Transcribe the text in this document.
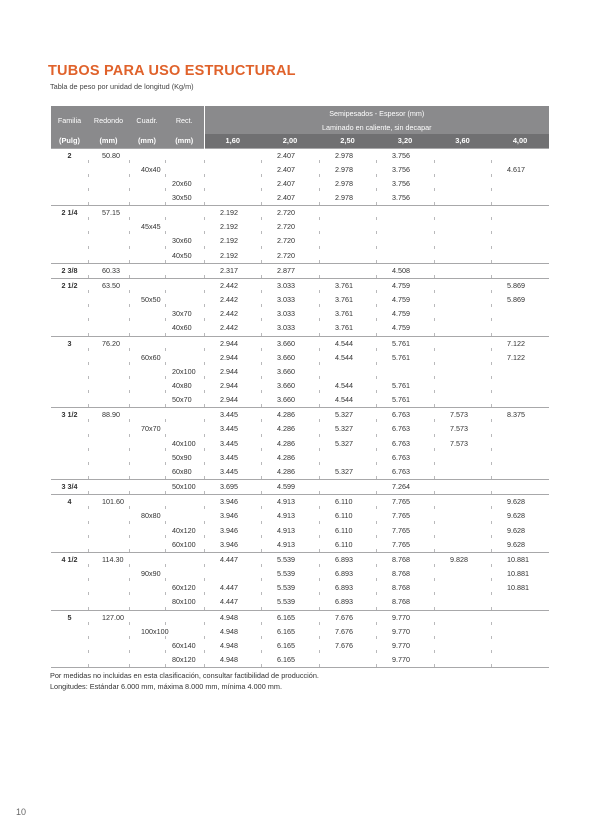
TUBOS PARA USO ESTRUCTURAL
Tabla de peso por unidad de longitud (Kg/m)
Familia	Redondo	Cuadr.	Rect.	Semipesados - Espesor (mm)					
				Laminado en caliente, sin decapar					
(Pulg)	(mm)	(mm)	(mm)	1,60	2,00	2,50	3,20	3,60	4,00
2	50.80				2.407	2.978	3.756		
		40x40			2.407	2.978	3.756		4.617
			20x60		2.407	2.978	3.756		
			30x50		2.407	2.978	3.756		
2 1/4	57.15			2.192	2.720				
		45x45		2.192	2.720				
			30x60	2.192	2.720				
			40x50	2.192	2.720				
2 3/8	60.33			2.317	2.877		4.508		
2 1/2	63.50			2.442	3.033	3.761	4.759		5.869
		50x50		2.442	3.033	3.761	4.759		5.869
			30x70	2.442	3.033	3.761	4.759		
			40x60	2.442	3.033	3.761	4.759		
3	76.20			2.944	3.660	4.544	5.761		7.122
		60x60		2.944	3.660	4.544	5.761		7.122
			20x100	2.944	3.660				
			40x80	2.944	3.660	4.544	5.761		
			50x70	2.944	3.660	4.544	5.761		
3 1/2	88.90			3.445	4.286	5.327	6.763	7.573	8.375
		70x70		3.445	4.286	5.327	6.763	7.573	
			40x100	3.445	4.286	5.327	6.763	7.573	
			50x90	3.445	4.286		6.763		
			60x80	3.445	4.286	5.327	6.763		
3 3/4			50x100	3.695	4.599		7.264		
4	101.60			3.946	4.913	6.110	7.765		9.628
		80x80		3.946	4.913	6.110	7.765		9.628
			40x120	3.946	4.913	6.110	7.765		9.628
			60x100	3.946	4.913	6.110	7.765		9.628
4 1/2	114.30			4.447	5.539	6.893	8.768	9.828	10.881
		90x90			5.539	6.893	8.768		10.881
			60x120	4.447	5.539	6.893	8.768		10.881
			80x100	4.447	5.539	6.893	8.768		
5	127.00			4.948	6.165	7.676	9.770		
		100x100		4.948	6.165	7.676	9.770		
			60x140	4.948	6.165	7.676	9.770		
			80x120	4.948	6.165		9.770		
Por medidas no incluidas en esta clasificación, consultar factibilidad de producción.
Longitudes: Estándar 6.000 mm, máxima 8.000 mm, mínima 4.000 mm.
10
